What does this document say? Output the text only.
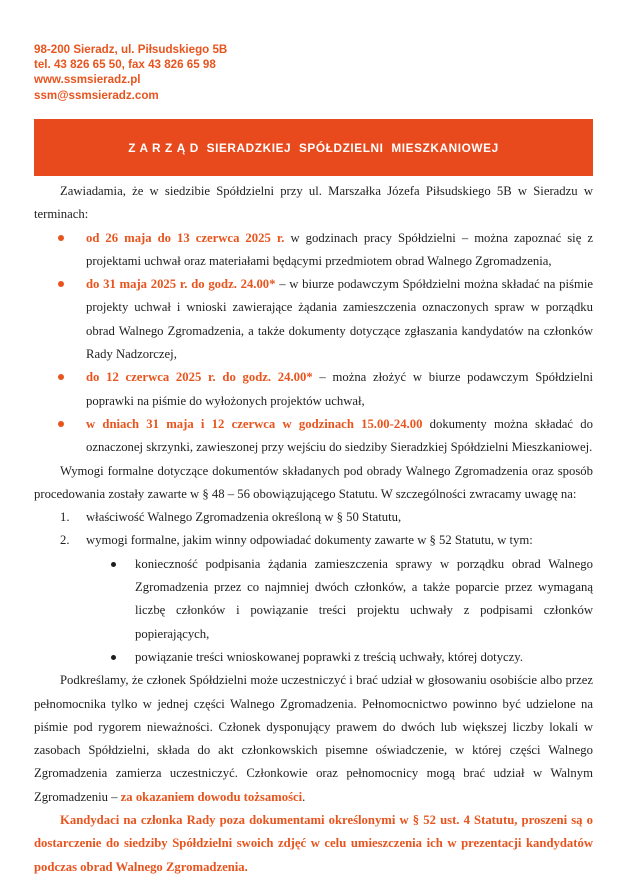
98-200 Sieradz, ul. Piłsudskiego 5B
tel. 43 826 65 50, fax 43 826 65 98
www.ssmsieradz.pl
ssm@ssmsieradz.com
Z A R Z Ą D  SIERADZKIEJ  SPÓŁDZIELNI  MIESZKANIOWEJ

Zawiadamia, że w siedzibie Spółdzielni przy ul. Marszałka Józefa Piłsudskiego 5B w Sieradzu w terminach:

od 26 maja do 13 czerwca 2025 r. w godzinach pracy Spółdzielni – można zapoznać się z projektami uchwał oraz materiałami będącymi przedmiotem obrad Walnego Zgromadzenia,
do 31 maja 2025 r. do godz. 24.00* – w biurze podawczym Spółdzielni można składać na piśmie projekty uchwał i wnioski zawierające żądania zamieszczenia oznaczonych spraw w porządku obrad Walnego Zgromadzenia, a także dokumenty dotyczące zgłaszania kandydatów na członków Rady Nadzorczej,
do 12 czerwca 2025 r. do godz. 24.00* – można złożyć w biurze podawczym Spółdzielni poprawki na piśmie do wyłożonych projektów uchwał,
w dniach 31 maja i 12 czerwca w godzinach 15.00-24.00 dokumenty można składać do oznaczonej skrzynki, zawieszonej przy wejściu do siedziby Sieradzkiej Spółdzielni Mieszkaniowej.

Wymogi formalne dotyczące dokumentów składanych pod obrady Walnego Zgromadzenia oraz sposób procedowania zostały zawarte w § 48 – 56 obowiązującego Statutu. W szczególności zwracamy uwagę na:

1. właściwość Walnego Zgromadzenia określoną w § 50 Statutu,
2. wymogi formalne, jakim winny odpowiadać dokumenty zawarte w § 52 Statutu, w tym:
konieczność podpisania żądania zamieszczenia sprawy w porządku obrad Walnego Zgromadzenia przez co najmniej dwóch członków, a także poparcie przez wymaganą liczbę członków i powiązanie treści projektu uchwały z podpisami członków popierających,
powiązanie treści wnioskowanej poprawki z treścią uchwały, której dotyczy.

Podkreślamy, że członek Spółdzielni może uczestniczyć i brać udział w głosowaniu osobiście albo przez pełnomocnika tylko w jednej części Walnego Zgromadzenia. Pełnomocnictwo powinno być udzielone na piśmie pod rygorem nieważności. Członek dysponujący prawem do dwóch lub większej liczby lokali w zasobach Spółdzielni, składa do akt członkowskich pisemne oświadczenie, w której części Walnego Zgromadzenia zamierza uczestniczyć. Członkowie oraz pełnomocnicy mogą brać udział w Walnym Zgromadzeniu – za okazaniem dowodu tożsamości.

Kandydaci na członka Rady poza dokumentami określonymi w § 52 ust. 4 Statutu, proszeni są o dostarczenie do siedziby Spółdzielni swoich zdjęć w celu umieszczenia ich w prezentacji kandydatów podczas obrad Walnego Zgromadzenia.
